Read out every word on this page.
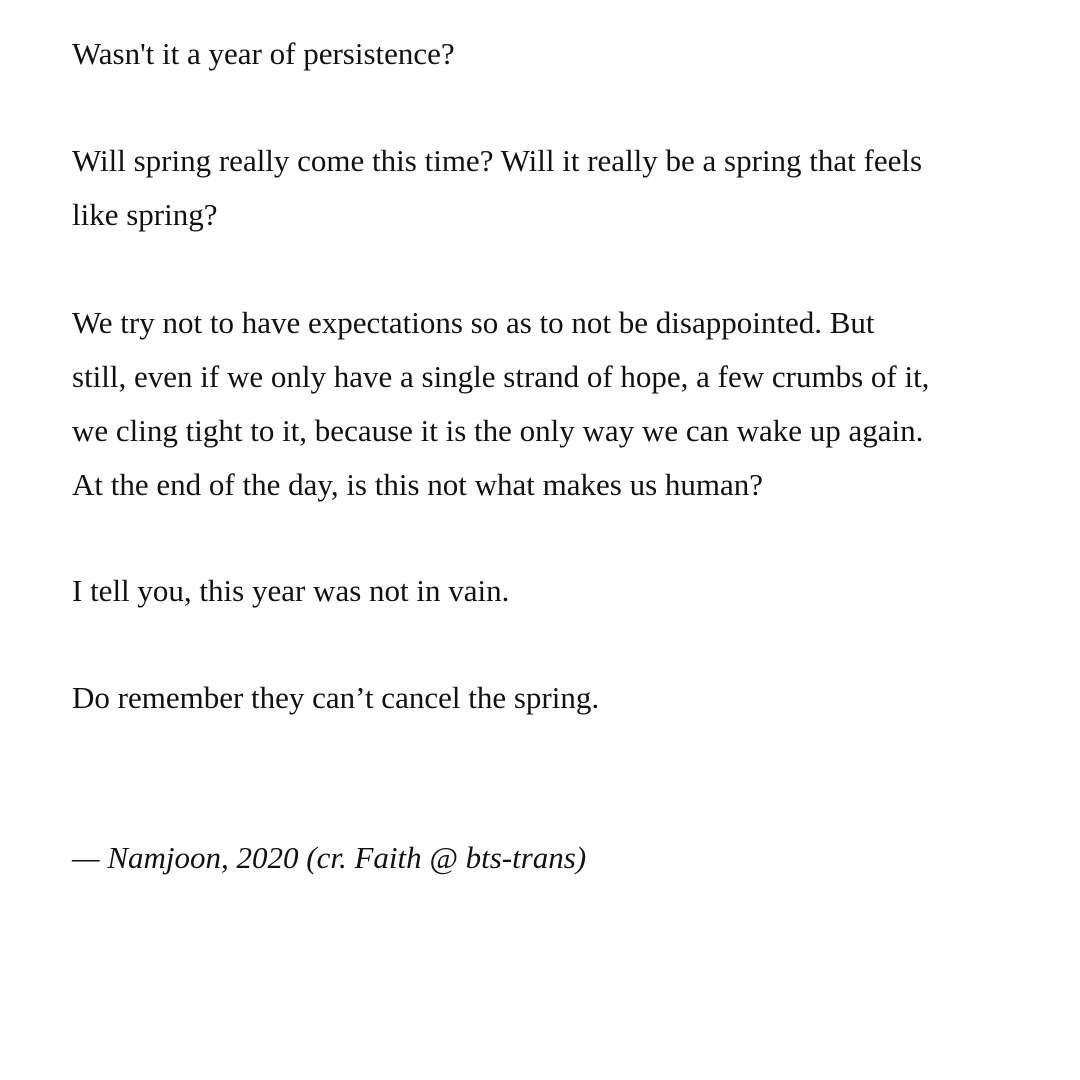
Wasn't it a year of persistence?

Will spring really come this time? Will it really be a spring that feels
like spring?

We try not to have expectations so as to not be disappointed. But
still, even if we only have a single strand of hope, a few crumbs of it,
we cling tight to it, because it is the only way we can wake up again.
At the end of the day, is this not what makes us human?

I tell you, this year was not in vain.

Do remember they can’t cancel the spring.

— Namjoon, 2020 (cr. Faith @ bts-trans)
